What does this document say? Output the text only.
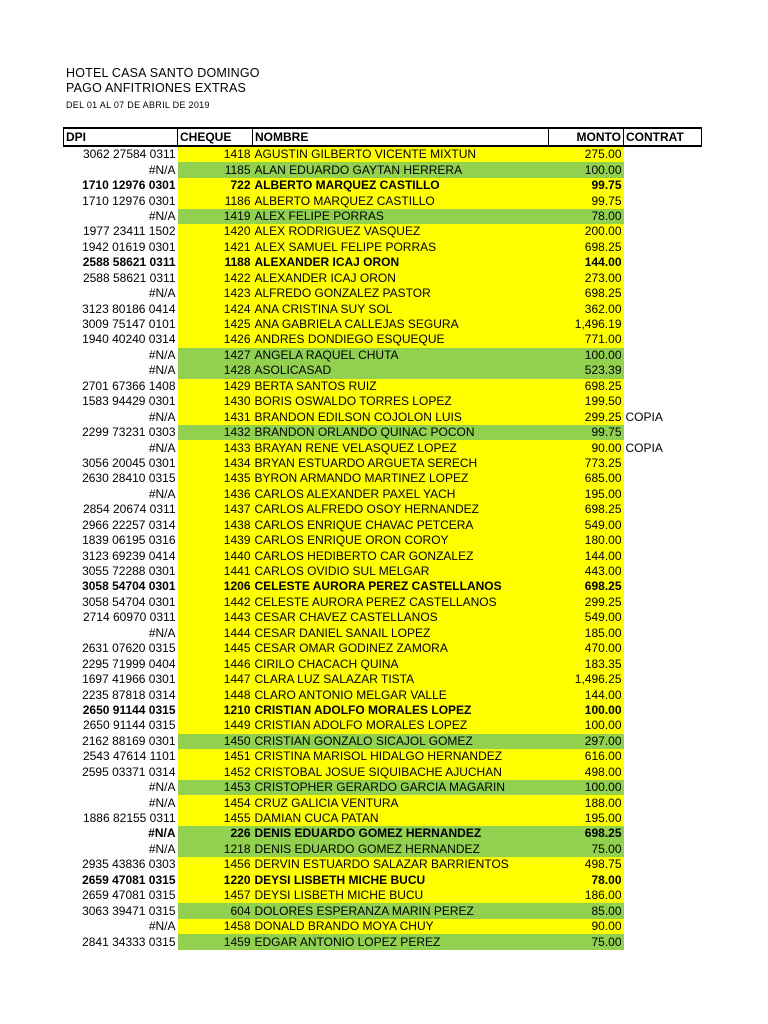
HOTEL CASA SANTO DOMINGO
PAGO ANFITRIONES EXTRAS
DEL 01 AL 07 DE ABRIL DE 2019
DPI	CHEQUE	NOMBRE	MONTO	CONTRAT
3062 27584 0311	1418	AGUSTIN GILBERTO VICENTE MIXTUN	275.00	
#N/A	1185	ALAN EDUARDO GAYTAN HERRERA	100.00	
1710 12976 0301	722	ALBERTO MARQUEZ CASTILLO	99.75	
1710 12976 0301	1186	ALBERTO MARQUEZ CASTILLO	99.75	
#N/A	1419	ALEX FELIPE PORRAS	78.00	
1977 23411 1502	1420	ALEX RODRIGUEZ VASQUEZ	200.00	
1942 01619 0301	1421	ALEX SAMUEL FELIPE PORRAS	698.25	
2588 58621 0311	1188	ALEXANDER ICAJ ORON	144.00	
2588 58621 0311	1422	ALEXANDER ICAJ ORON	273.00	
#N/A	1423	ALFREDO GONZALEZ PASTOR	698.25	
3123 80186 0414	1424	ANA CRISTINA SUY SOL	362.00	
3009 75147 0101	1425	ANA GABRIELA CALLEJAS SEGURA	1,496.19	
1940 40240 0314	1426	ANDRES DONDIEGO ESQUEQUE	771.00	
#N/A	1427	ANGELA RAQUEL CHUTA	100.00	
#N/A	1428	ASOLICASAD	523.39	
2701 67366 1408	1429	BERTA SANTOS RUIZ	698.25	
1583 94429 0301	1430	BORIS OSWALDO TORRES LOPEZ	199.50	
#N/A	1431	BRANDON EDILSON COJOLON LUIS	299.25	COPIA
2299 73231 0303	1432	BRANDON ORLANDO QUINAC POCON	99.75	
#N/A	1433	BRAYAN RENE VELASQUEZ LOPEZ	90.00	COPIA
3056 20045 0301	1434	BRYAN ESTUARDO ARGUETA SERECH	773.25	
2630 28410 0315	1435	BYRON ARMANDO MARTINEZ LOPEZ	685.00	
#N/A	1436	CARLOS ALEXANDER PAXEL YACH	195.00	
2854 20674 0311	1437	CARLOS ALFREDO OSOY HERNANDEZ	698.25	
2966 22257 0314	1438	CARLOS ENRIQUE CHAVAC PETCERA	549.00	
1839 06195 0316	1439	CARLOS ENRIQUE ORON COROY	180.00	
3123 69239 0414	1440	CARLOS HEDIBERTO CAR GONZALEZ	144.00	
3055 72288 0301	1441	CARLOS OVIDIO SUL MELGAR	443.00	
3058 54704 0301	1206	CELESTE AURORA PEREZ CASTELLANOS	698.25	
3058 54704 0301	1442	CELESTE AURORA PEREZ CASTELLANOS	299.25	
2714 60970 0311	1443	CESAR CHAVEZ CASTELLANOS	549.00	
#N/A	1444	CESAR DANIEL SANAIL LOPEZ	185.00	
2631 07620 0315	1445	CESAR OMAR GODINEZ ZAMORA	470.00	
2295 71999 0404	1446	CIRILO CHACACH QUINA	183.35	
1697 41966 0301	1447	CLARA LUZ SALAZAR TISTA	1,496.25	
2235 87818 0314	1448	CLARO ANTONIO MELGAR VALLE	144.00	
2650 91144 0315	1210	CRISTIAN ADOLFO MORALES LOPEZ	100.00	
2650 91144 0315	1449	CRISTIAN ADOLFO MORALES LOPEZ	100.00	
2162 88169 0301	1450	CRISTIAN GONZALO SICAJOL GOMEZ	297.00	
2543 47614 1101	1451	CRISTINA MARISOL HIDALGO HERNANDEZ	616.00	
2595 03371 0314	1452	CRISTOBAL JOSUE SIQUIBACHE AJUCHAN	498.00	
#N/A	1453	CRISTOPHER GERARDO GARCIA MAGARIN	100.00	
#N/A	1454	CRUZ GALICIA VENTURA	188.00	
1886 82155 0311	1455	DAMIAN CUCA PATAN	195.00	
#N/A	226	DENIS EDUARDO GOMEZ HERNANDEZ	698.25	
#N/A	1218	DENIS EDUARDO GOMEZ HERNANDEZ	75.00	
2935 43836 0303	1456	DERVIN ESTUARDO SALAZAR BARRIENTOS	498.75	
2659 47081 0315	1220	DEYSI LISBETH MICHE BUCU	78.00	
2659 47081 0315	1457	DEYSI LISBETH MICHE BUCU	186.00	
3063 39471 0315	604	DOLORES ESPERANZA MARIN PEREZ	85.00	
#N/A	1458	DONALD BRANDO MOYA CHUY	90.00	
2841 34333 0315	1459	EDGAR ANTONIO LOPEZ PEREZ	75.00	
